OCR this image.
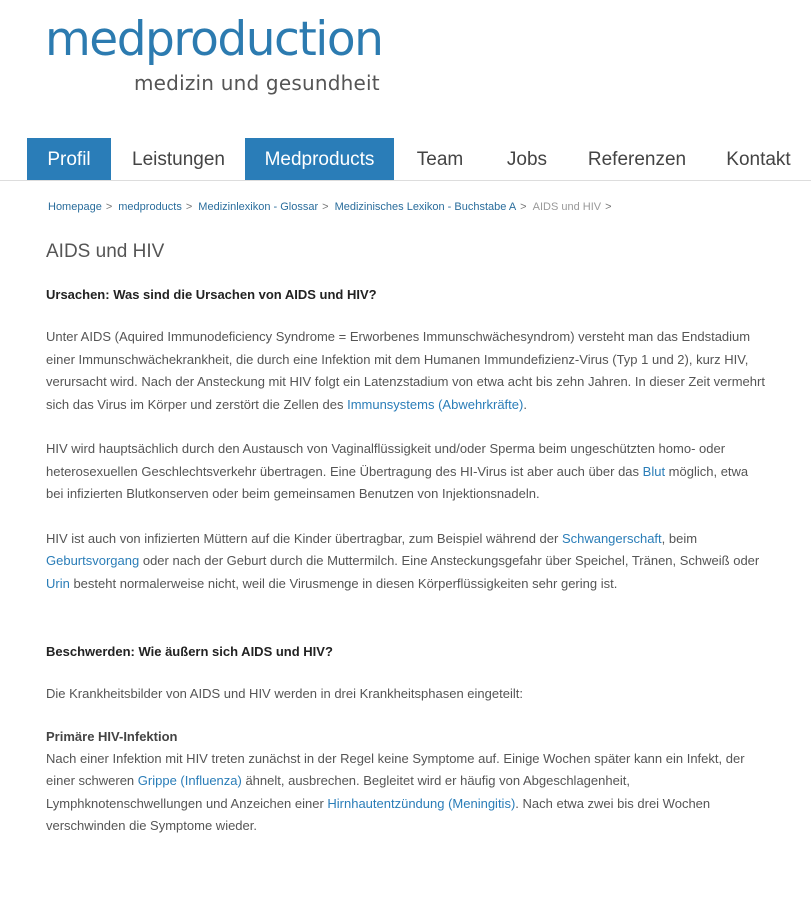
medproduction
medizin und gesundheit
Profil	Leistungen	Medproducts	Team	Jobs	Referenzen	Kontakt
Homepage > medproducts > Medizinlexikon - Glossar > Medizinisches Lexikon - Buchstabe A > AIDS und HIV >
AIDS und HIV

Ursachen: Was sind die Ursachen von AIDS und HIV?

Unter AIDS (Aquired Immunodeficiency Syndrome = Erworbenes Immunschwächesyndrom) versteht man das Endstadium einer Immunschwächekrankheit, die durch eine Infektion mit dem Humanen Immundefizienz-Virus (Typ 1 und 2), kurz HIV, verursacht wird. Nach der Ansteckung mit HIV folgt ein Latenzstadium von etwa acht bis zehn Jahren. In dieser Zeit vermehrt sich das Virus im Körper und zerstört die Zellen des Immunsystems (Abwehrkräfte).

HIV wird hauptsächlich durch den Austausch von Vaginalflüssigkeit und/oder Sperma beim ungeschützten homo- oder heterosexuellen Geschlechtsverkehr übertragen. Eine Übertragung des HI-Virus ist aber auch über das Blut möglich, etwa bei infizierten Blutkonserven oder beim gemeinsamen Benutzen von Injektionsnadeln.

HIV ist auch von infizierten Müttern auf die Kinder übertragbar, zum Beispiel während der Schwangerschaft, beim Geburtsvorgang oder nach der Geburt durch die Muttermilch. Eine Ansteckungsgefahr über Speichel, Tränen, Schweiß oder Urin besteht normalerweise nicht, weil die Virusmenge in diesen Körperflüssigkeiten sehr gering ist.

Beschwerden: Wie äußern sich AIDS und HIV?

Die Krankheitsbilder von AIDS und HIV werden in drei Krankheitsphasen eingeteilt:

Primäre HIV-Infektion

Nach einer Infektion mit HIV treten zunächst in der Regel keine Symptome auf. Einige Wochen später kann ein Infekt, der einer schweren Grippe (Influenza) ähnelt, ausbrechen. Begleitet wird er häufig von Abgeschlagenheit, Lymphknotenschwellungen und Anzeichen einer Hirnhautentzündung (Meningitis). Nach etwa zwei bis drei Wochen verschwinden die Symptome wieder.
